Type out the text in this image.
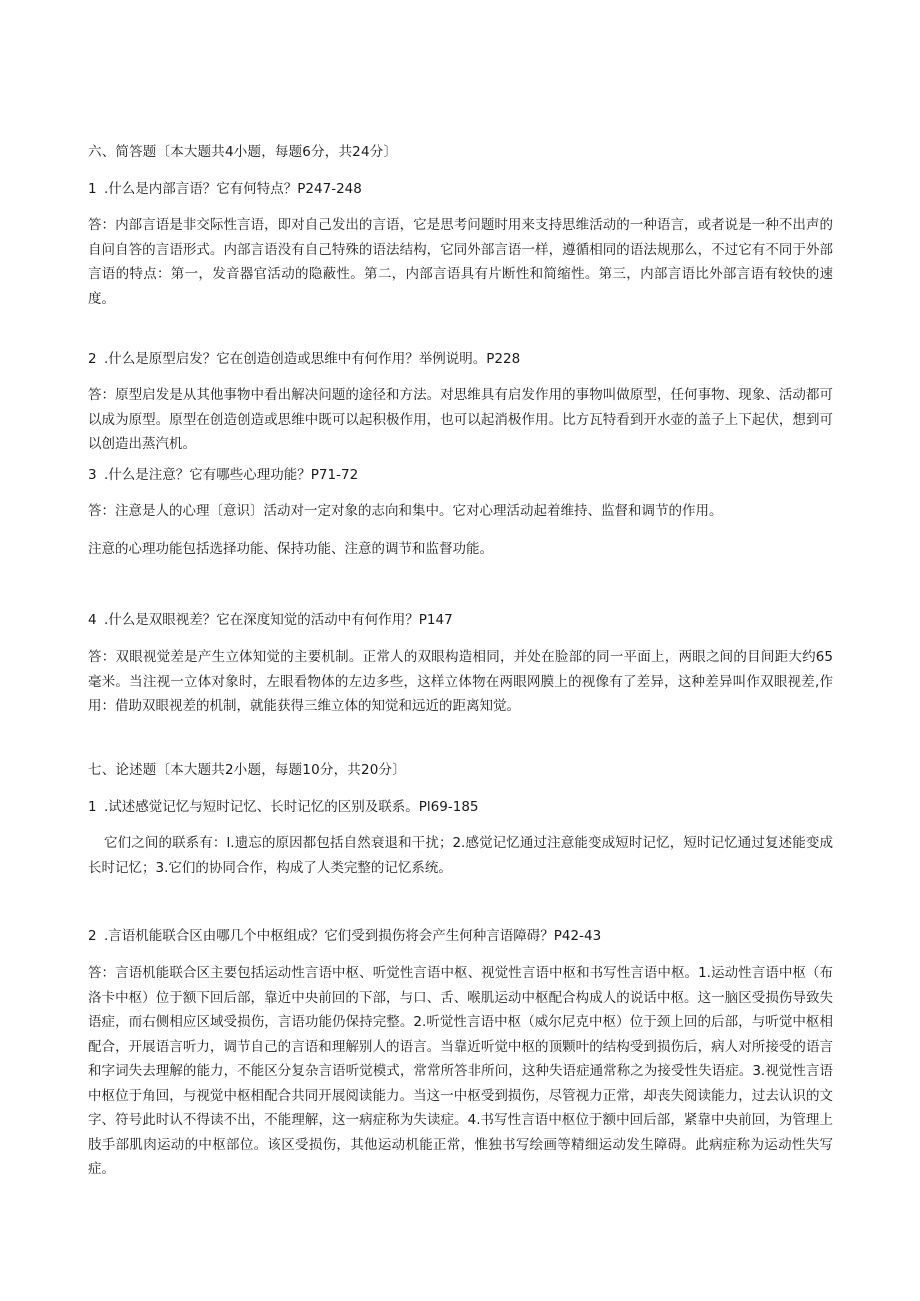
六、简答题〔本大题共4小题，每题6分，共24分〕
1 .什么是内部言语？它有何特点？P247-248
答：内部言语是非交际性言语，即对自己发出的言语，它是思考问题时用来支持思维活动的一种语言，或者说是一种不出声的自问自答的言语形式。内部言语没有自己特殊的语法结构，它同外部言语一样，遵循相同的语法规那么，不过它有不同于外部言语的特点：第一，发音器官活动的隐蔽性。第二，内部言语具有片断性和简缩性。第三，内部言语比外部言语有较快的速度。
2 .什么是原型启发？它在创造创造或思维中有何作用？举例说明。P228
答：原型启发是从其他事物中看出解决问题的途径和方法。对思维具有启发作用的事物叫做原型，任何事物、现象、活动都可以成为原型。原型在创造创造或思维中既可以起积极作用，也可以起消极作用。比方瓦特看到开水壶的盖子上下起伏，想到可以创造出蒸汽机。
3 .什么是注意？它有哪些心理功能？P71-72
答：注意是人的心理〔意识〕活动对一定对象的志向和集中。它对心理活动起着维持、监督和调节的作用。
注意的心理功能包括选择功能、保持功能、注意的调节和监督功能。
4 .什么是双眼视差？它在深度知觉的活动中有何作用？P147
答：双眼视觉差是产生立体知觉的主要机制。正常人的双眼构造相同，并处在脸部的同一平面上，两眼之间的目间距大约65毫米。当注视一立体对象时，左眼看物体的左边多些，这样立体物在两眼网膜上的视像有了差异，这种差异叫作双眼视差,作用：借助双眼视差的机制，就能获得三维立体的知觉和远近的距离知觉。
七、论述题〔本大题共2小题，每题10分，共20分〕
1 .试述感觉记忆与短时记忆、长时记忆的区别及联系。Pl69-185
它们之间的联系有：l.遗忘的原因都包括自然衰退和干扰；2.感觉记忆通过注意能变成短时记忆，短时记忆通过复述能变成长时记忆；3.它们的协同合作，构成了人类完整的记忆系统。
2 .言语机能联合区由哪几个中枢组成？它们受到损伤将会产生何种言语障碍？P42-43
答：言语机能联合区主要包括运动性言语中枢、听觉性言语中枢、视觉性言语中枢和书写性言语中枢。1.运动性言语中枢（布洛卡中枢）位于额下回后部，靠近中央前回的下部，与口、舌、喉肌运动中枢配合构成人的说话中枢。这一脑区受损伤导致失语症，而右侧相应区域受损伤，言语功能仍保持完整。2.听觉性言语中枢（威尔尼克中枢）位于颈上回的后部，与听觉中枢相配合，开展语言听力，调节自己的言语和理解别人的语言。当靠近听觉中枢的顶颗叶的结构受到损伤后，病人对所接受的语言和字词失去理解的能力，不能区分复杂言语听觉模式，常常所答非所问，这种失语症通常称之为接受性失语症。3.视觉性言语中枢位于角回，与视觉中枢相配合共同开展阅读能力。当这一中枢受到损伤，尽管视力正常，却丧失阅读能力，过去认识的文字、符号此时认不得读不出，不能理解，这一病症称为失读症。4.书写性言语中枢位于额中回后部，紧靠中央前回，为管理上肢手部肌肉运动的中枢部位。该区受损伤，其他运动机能正常，惟独书写绘画等精细运动发生障碍。此病症称为运动性失写症。
